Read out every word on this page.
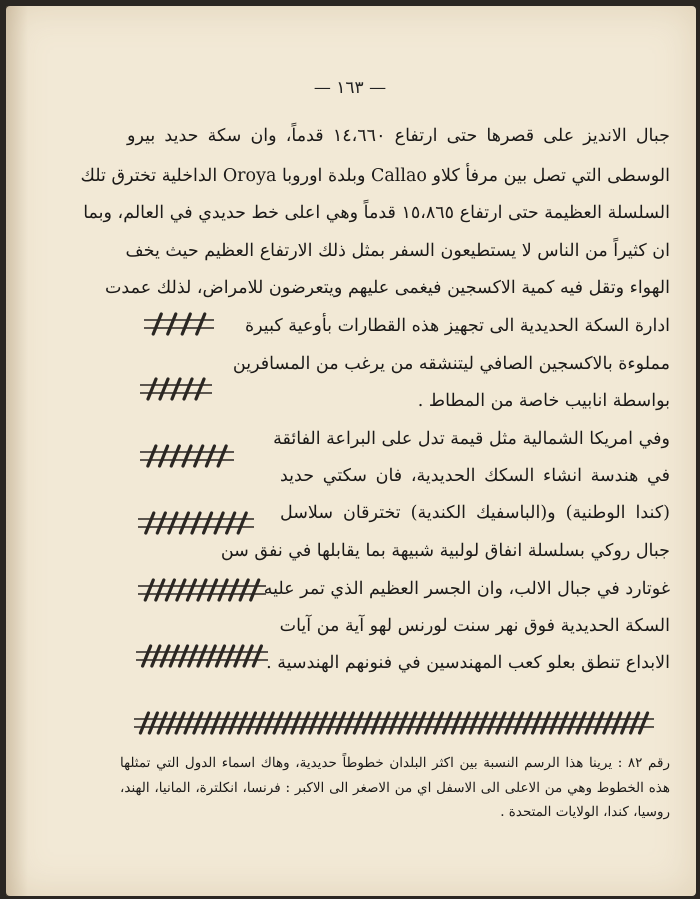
— ١٦٣ —
جبال الانديز على قصرها حتى ارتفاع ١٤،٦٦٠ قدماً، وان سكة حديد بيرو
الوسطى التي تصل بين مرفأ كلاو Callao وبلدة اوروبا Oroya الداخلية تخترق تلك
السلسلة العظيمة حتى ارتفاع ١٥،٨٦٥ قدماً وهي اعلى خط حديدي في العالم، وبما
ان كثيراً من الناس لا يستطيعون السفر بمثل ذلك الارتفاع العظيم حيث يخف
الهواء وتقل فيه كمية الاكسجين فيغمى عليهم ويتعرضون للامراض، لذلك عمدت
ادارة السكة الحديدية الى تجهيز هذه القطارات بأوعية كبيرة
مملوءة بالاكسجين الصافي ليتنشقه من يرغب من المسافرين
بواسطة انابيب خاصة من المطاط .
وفي امريكا الشمالية مثل قيمة تدل على البراعة الفائقة
في هندسة انشاء السكك الحديدية، فان سكتي حديد
(كندا الوطنية) و(الباسفيك الكندية) تخترقان سلاسل
جبال روكي بسلسلة انفاق لولبية شبيهة بما يقابلها في نفق سن
غوتارد في جبال الالب، وان الجسر العظيم الذي تمر عليه
السكة الحديدية فوق نهر سنت لورنس لهو آية من آيات
الابداع تنطق بعلو كعب المهندسين في فنونهم الهندسية .
رقم ٨٢ : يرينا هذا الرسم النسبة بين اكثر البلدان خطوطاً حديدية، وهاك اسماء الدول التي تمثلها
هذه الخطوط وهي من الاعلى الى الاسفل اي من الاصغر الى الاكبر : فرنسا، انكلترة، المانيا، الهند،
روسيا، كندا، الولايات المتحدة .
